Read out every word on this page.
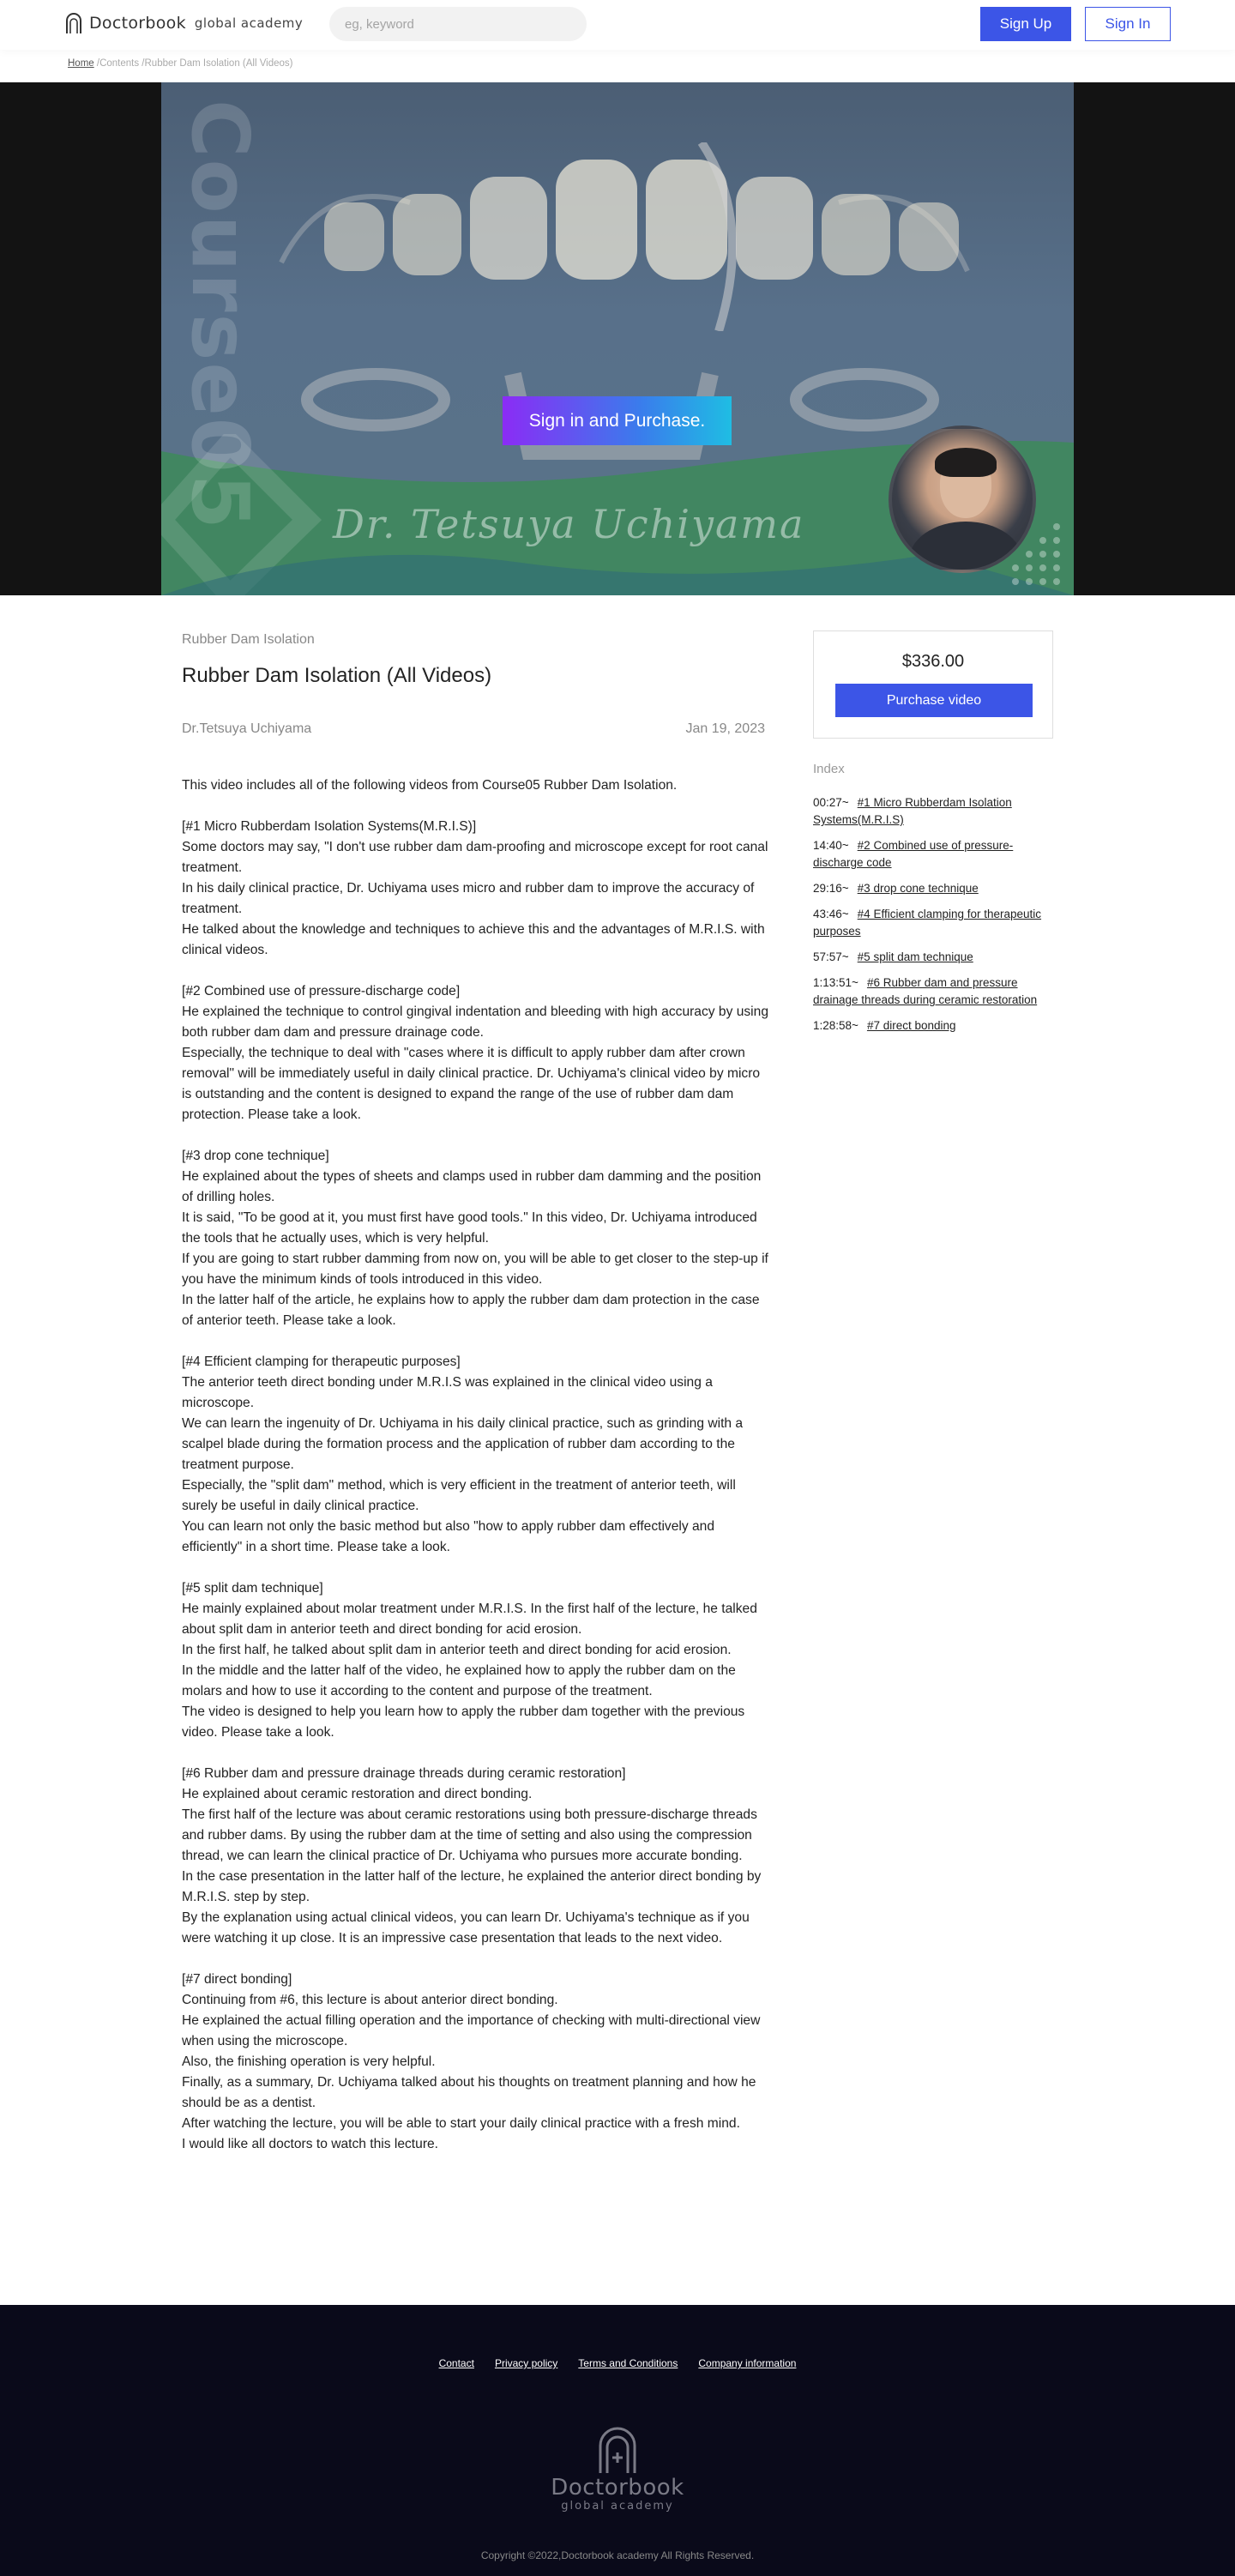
Doctorbook global academy
eg, keyword	Sign Up	Sign In
Home /Contents /Rubber Dam Isolation (All Videos)
Course05 Dr. Tetsuya Uchiyama
Sign in and Purchase.
Rubber Dam Isolation
Rubber Dam Isolation (All Videos)
Dr.Tetsuya Uchiyama	Jan 19, 2023

This video includes all of the following videos from Course05 Rubber Dam Isolation.

[#1 Micro Rubberdam Isolation Systems(M.R.I.S)]
Some doctors may say, "I don't use rubber dam dam-proofing and microscope except for root canal treatment.
In his daily clinical practice, Dr. Uchiyama uses micro and rubber dam to improve the accuracy of treatment.
He talked about the knowledge and techniques to achieve this and the advantages of M.R.I.S. with clinical videos.

[#2 Combined use of pressure-discharge code]
He explained the technique to control gingival indentation and bleeding with high accuracy by using both rubber dam dam and pressure drainage code.
Especially, the technique to deal with "cases where it is difficult to apply rubber dam after crown removal" will be immediately useful in daily clinical practice. Dr. Uchiyama's clinical video by micro is outstanding and the content is designed to expand the range of the use of rubber dam dam protection. Please take a look.

[#3 drop cone technique]
He explained about the types of sheets and clamps used in rubber dam damming and the position of drilling holes.
It is said, "To be good at it, you must first have good tools." In this video, Dr. Uchiyama introduced the tools that he actually uses, which is very helpful.
If you are going to start rubber damming from now on, you will be able to get closer to the step-up if you have the minimum kinds of tools introduced in this video.
In the latter half of the article, he explains how to apply the rubber dam dam protection in the case of anterior teeth. Please take a look.

[#4 Efficient clamping for therapeutic purposes]
The anterior teeth direct bonding under M.R.I.S was explained in the clinical video using a microscope.
We can learn the ingenuity of Dr. Uchiyama in his daily clinical practice, such as grinding with a scalpel blade during the formation process and the application of rubber dam according to the treatment purpose.
Especially, the "split dam" method, which is very efficient in the treatment of anterior teeth, will surely be useful in daily clinical practice.
You can learn not only the basic method but also "how to apply rubber dam effectively and efficiently" in a short time. Please take a look.

[#5 split dam technique]
He mainly explained about molar treatment under M.R.I.S. In the first half of the lecture, he talked about split dam in anterior teeth and direct bonding for acid erosion.
In the first half, he talked about split dam in anterior teeth and direct bonding for acid erosion.
In the middle and the latter half of the video, he explained how to apply the rubber dam on the molars and how to use it according to the content and purpose of the treatment.
The video is designed to help you learn how to apply the rubber dam together with the previous video. Please take a look.

[#6 Rubber dam and pressure drainage threads during ceramic restoration]
He explained about ceramic restoration and direct bonding.
The first half of the lecture was about ceramic restorations using both pressure-discharge threads and rubber dams. By using the rubber dam at the time of setting and also using the compression thread, we can learn the clinical practice of Dr. Uchiyama who pursues more accurate bonding.
In the case presentation in the latter half of the lecture, he explained the anterior direct bonding by M.R.I.S. step by step.
By the explanation using actual clinical videos, you can learn Dr. Uchiyama's technique as if you were watching it up close. It is an impressive case presentation that leads to the next video.

[#7 direct bonding]
Continuing from #6, this lecture is about anterior direct bonding.
He explained the actual filling operation and the importance of checking with multi-directional view when using the microscope.
Also, the finishing operation is very helpful.
Finally, as a summary, Dr. Uchiyama talked about his thoughts on treatment planning and how he should be as a dentist.
After watching the lecture, you will be able to start your daily clinical practice with a fresh mind.
I would like all doctors to watch this lecture.

$336.00
Purchase video
Index
00:27~ #1 Micro Rubberdam Isolation Systems(M.R.I.S)
14:40~ #2 Combined use of pressure-discharge code
29:16~ #3 drop cone technique
43:46~ #4 Efficient clamping for therapeutic purposes
57:57~ #5 split dam technique
1:13:51~ #6 Rubber dam and pressure drainage threads during ceramic restoration
1:28:58~ #7 direct bonding
Contact Privacy policy Terms and Conditions Company information
Doctorbook
global academy
Copyright ©2022,Doctorbook academy All Rights Reserved.
